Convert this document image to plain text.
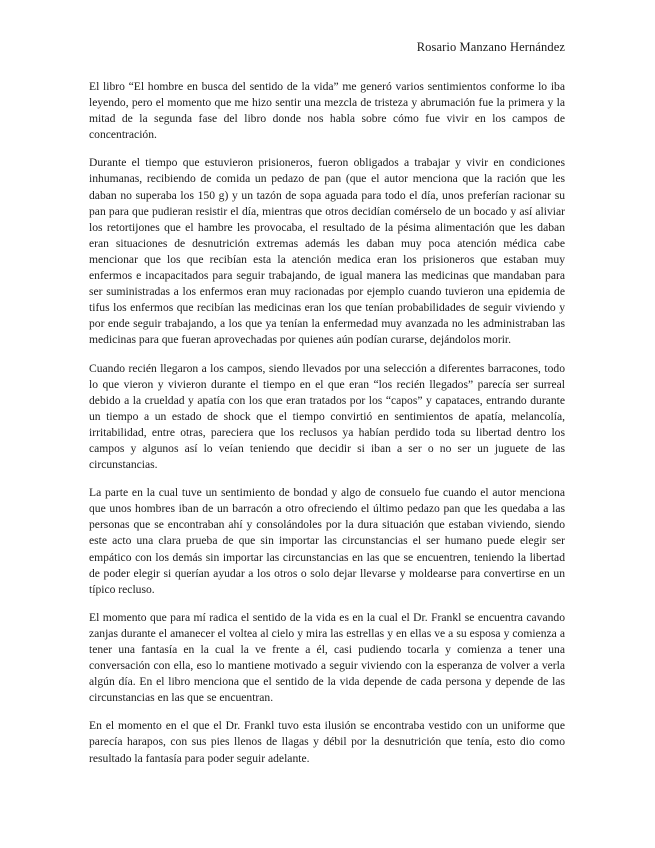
Rosario Manzano Hernández

El libro “El hombre en busca del sentido de la vida” me generó varios sentimientos conforme lo iba leyendo, pero el momento que me hizo sentir una mezcla de tristeza y abrumación fue la primera y la mitad de la segunda fase del libro donde nos habla sobre cómo fue vivir en los campos de concentración.

Durante el tiempo que estuvieron prisioneros, fueron obligados a trabajar y vivir en condiciones inhumanas, recibiendo de comida un pedazo de pan (que el autor menciona que la ración que les daban no superaba los 150 g) y un tazón de sopa aguada para todo el día, unos preferían racionar su pan para que pudieran resistir el día, mientras que otros decidían comérselo de un bocado y así aliviar los retortijones que el hambre les provocaba, el resultado de la pésima alimentación que les daban eran situaciones de desnutrición extremas además les daban muy poca atención médica cabe mencionar que los que recibían esta la atención medica eran los prisioneros que estaban muy enfermos e incapacitados para seguir trabajando, de igual manera las medicinas que mandaban para ser suministradas a los enfermos eran muy racionadas por ejemplo cuando tuvieron una epidemia de tifus los enfermos que recibían las medicinas eran los que tenían probabilidades de seguir viviendo y por ende seguir trabajando, a los que ya tenían la enfermedad muy avanzada no les administraban las medicinas para que fueran aprovechadas por quienes aún podían curarse, dejándolos morir.

Cuando recién llegaron a los campos, siendo llevados por una selección a diferentes barracones, todo lo que vieron y vivieron durante el tiempo en el que eran “los recién llegados” parecía ser surreal debido a la crueldad y apatía con los que eran tratados por los “capos” y capataces, entrando durante un tiempo a un estado de shock que el tiempo convirtió en sentimientos de apatía, melancolía, irritabilidad, entre otras, pareciera que los reclusos ya habían perdido toda su libertad dentro los campos y algunos así lo veían teniendo que decidir si iban a ser o no ser un juguete de las circunstancias.

La parte en la cual tuve un sentimiento de bondad y algo de consuelo fue cuando el autor menciona que unos hombres iban de un barracón a otro ofreciendo el último pedazo pan que les quedaba a las personas que se encontraban ahí y consolándoles por la dura situación que estaban viviendo, siendo este acto una clara prueba de que sin importar las circunstancias el ser humano puede elegir ser empático con los demás sin importar las circunstancias en las que se encuentren, teniendo la libertad de poder elegir si querían ayudar a los otros o solo dejar llevarse y moldearse para convertirse en un típico recluso.

El momento que para mí radica el sentido de la vida es en la cual el Dr. Frankl se encuentra cavando zanjas durante el amanecer el voltea al cielo y mira las estrellas y en ellas ve a su esposa y comienza a tener una fantasía en la cual la ve frente a él, casi pudiendo tocarla y comienza a tener una conversación con ella, eso lo mantiene motivado a seguir viviendo con la esperanza de volver a verla algún día. En el libro menciona que el sentido de la vida depende de cada persona y depende de las circunstancias en las que se encuentran.

En el momento en el que el Dr. Frankl tuvo esta ilusión se encontraba vestido con un uniforme que parecía harapos, con sus pies llenos de llagas y débil por la desnutrición que tenía, esto dio como resultado la fantasía para poder seguir adelante.
